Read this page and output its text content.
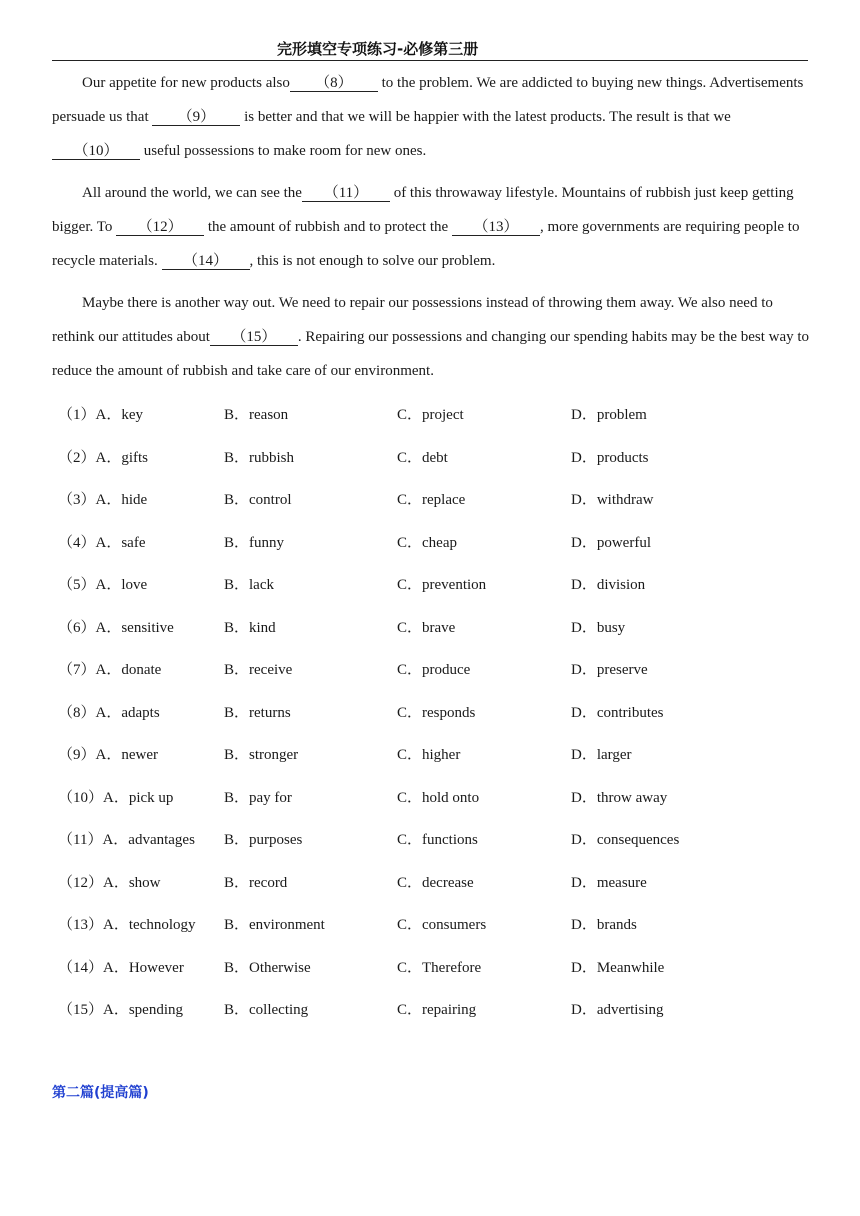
完形填空专项练习-必修第三册

Our appetite for new products also （8） to the problem. We are addicted to buying new things. Advertisements persuade us that （9） is better and that we will be happier with the latest products. The result is that we （10） useful possessions to make room for new ones.

All around the world, we can see the （11） of this throwaway lifestyle. Mountains of rubbish just keep getting bigger. To （12） the amount of rubbish and to protect the （13） , more governments are requiring people to recycle materials. （14） , this is not enough to solve our problem.

Maybe there is another way out. We need to repair our possessions instead of throwing them away. We also need to rethink our attitudes about （15） . Repairing our possessions and changing our spending habits may be the best way to reduce the amount of rubbish and take care of our environment.

（1）A．key	B．reason	C．project	D．problem
（2）A．gifts	B．rubbish	C．debt	D．products
（3）A．hide	B．control	C．replace	D．withdraw
（4）A．safe	B．funny	C．cheap	D．powerful
（5）A．love	B．lack	C．prevention	D．division
（6）A．sensitive	B．kind	C．brave	D．busy
（7）A．donate	B．receive	C．produce	D．preserve
（8）A．adapts	B．returns	C．responds	D．contributes
（9）A．newer	B．stronger	C．higher	D．larger
（10）A．pick up	B．pay for	C．hold onto	D．throw away
（11）A．advantages B．purposes	C．functions	D．consequences
（12）A．show	B．record	C．decrease	D．measure
（13）A．technology B．environment	C．consumers	D．brands
（14）A．However	B．Otherwise	C．Therefore	D．Meanwhile
（15）A．spending	B．collecting	C．repairing	D．advertising
第二篇(提高篇)
